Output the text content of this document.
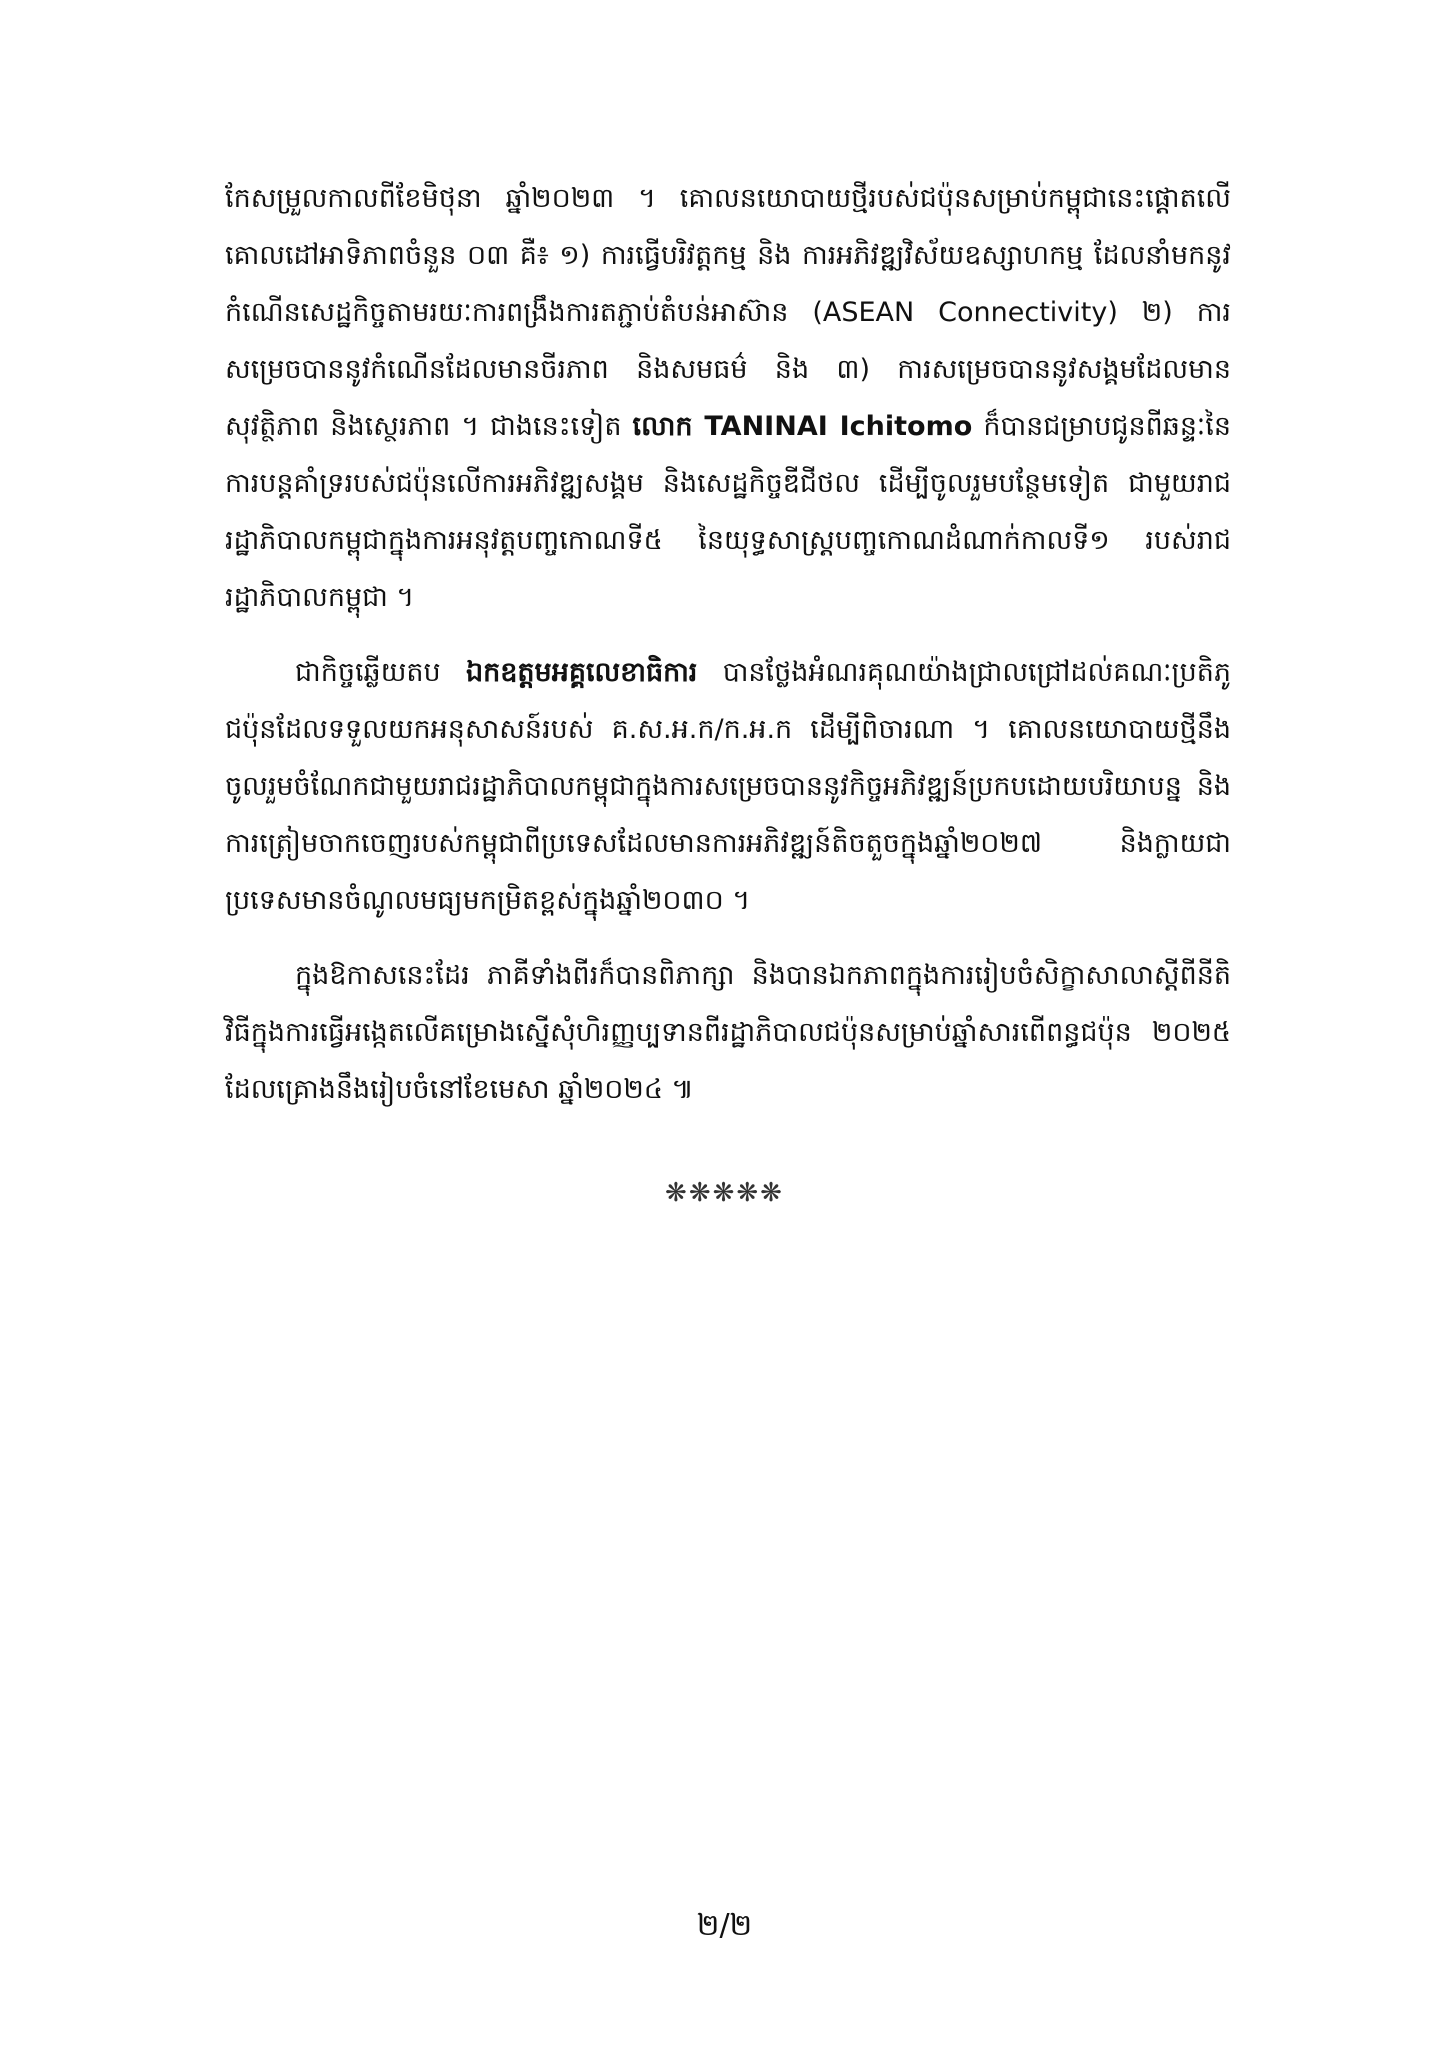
កែសម្រួលកាលពីខែមិថុនា ឆ្នាំ២០២៣ ។ គោលនយោបាយថ្មីរបស់ជប៉ុនសម្រាប់កម្ពុជានេះផ្ដោតលើគោលដៅអាទិភាពចំនួន ០៣ គឺ៖ ១) ការធ្វើបរិវត្តកម្ម និង ការអភិវឌ្ឍវិស័យឧស្សាហកម្ម ដែលនាំមកនូវកំណើនសេដ្ឋកិច្ចតាមរយៈការពង្រឹងការតភ្ជាប់តំបន់អាស៊ាន (ASEAN Connectivity) ២) ការសម្រេចបាននូវកំណើនដែលមានចីរភាព និងសមធម៌ និង ៣) ការសម្រេចបាននូវសង្គមដែលមានសុវត្ថិភាព និងស្ថេរភាព ។ ជាងនេះទៀត លោក TANINAI Ichitomo ក៏បានជម្រាបជូនពីឆន្ទៈនៃការបន្តគាំទ្ររបស់ជប៉ុនលើការអភិវឌ្ឍសង្គម និងសេដ្ឋកិច្ចឌីជីថល ដើម្បីចូលរួមបន្ថែមទៀត ជាមួយរាជរដ្ឋាភិបាលកម្ពុជាក្នុងការអនុវត្តបញ្ចកោណទី៥ នៃយុទ្ធសាស្ត្របញ្ចកោណដំណាក់កាលទី១ របស់រាជរដ្ឋាភិបាលកម្ពុជា ។

ជាកិច្ចឆ្លើយតប ឯកឧត្តមអគ្គលេខាធិការ បានថ្លែងអំណរគុណយ៉ាងជ្រាលជ្រៅដល់គណៈប្រតិភូជប៉ុនដែលទទួលយកអនុសាសន៍របស់ គ.ស.អ.ក/ក.អ.ក ដើម្បីពិចារណា ។ គោលនយោបាយថ្មីនឹងចូលរួមចំណែកជាមួយរាជរដ្ឋាភិបាលកម្ពុជាក្នុងការសម្រេចបាននូវកិច្ចអភិវឌ្ឍន៍ប្រកបដោយបរិយាបន្ន និងការត្រៀមចាកចេញរបស់កម្ពុជាពីប្រទេសដែលមានការអភិវឌ្ឍន៍តិចតួចក្នុងឆ្នាំ២០២៧ និងក្លាយជាប្រទេសមានចំណូលមធ្យមកម្រិតខ្ពស់ក្នុងឆ្នាំ២០៣០ ។

ក្នុងឱកាសនេះដែរ ភាគីទាំងពីរក៏បានពិភាក្សា និងបានឯកភាពក្នុងការរៀបចំសិក្ខាសាលាស្ដីពីនីតិវិធីក្នុងការធ្វើអង្កេតលើគម្រោងស្នើសុំហិរញ្ញប្បទានពីរដ្ឋាភិបាលជប៉ុនសម្រាប់ឆ្នាំសារពើពន្ធជប៉ុន ២០២៥ ដែលគ្រោងនឹងរៀបចំនៅខែមេសា ឆ្នាំ២០២៤ ៕

❋❋❋❋❋
២/២
